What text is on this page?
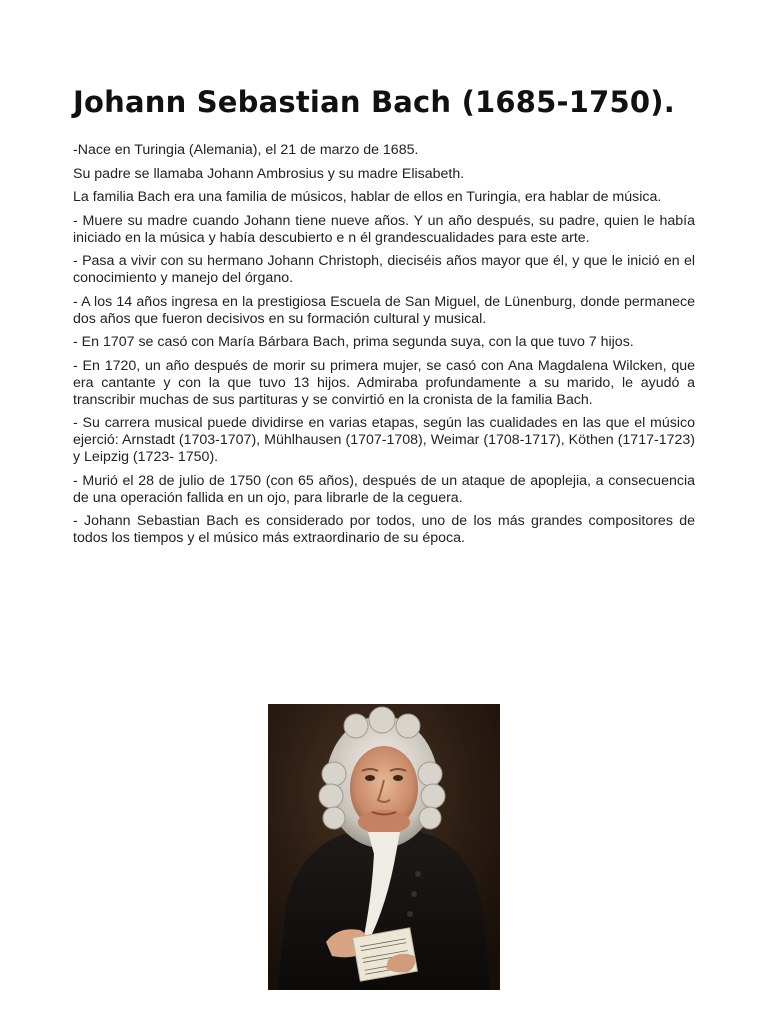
Johann Sebastian Bach (1685-1750).

-Nace en Turingia (Alemania), el 21 de marzo de 1685.

Su padre se llamaba Johann Ambrosius y su madre Elisabeth.

La familia Bach era una familia de músicos, hablar de ellos en Turingia, era hablar de música.

- Muere su madre cuando Johann tiene nueve años. Y un año después, su padre, quien le había iniciado en la música y había descubierto e n él grandescualidades para este arte.

- Pasa a vivir con su hermano Johann Christoph, dieciséis años mayor que él, y que le inició en el conocimiento y manejo del órgano.

- A los 14 años ingresa en la prestigiosa Escuela de San Miguel, de Lünenburg, donde permanece dos años que fueron decisivos en su formación cultural y musical.

- En 1707 se casó con María Bárbara Bach, prima segunda suya, con la que tuvo 7 hijos.

- En 1720, un año después de morir su primera mujer, se casó con Ana Magdalena Wilcken, que era cantante y con la que tuvo 13 hijos. Admiraba profundamente a su marido, le ayudó a transcribir muchas de sus partituras y se convirtió en la cronista de la familia Bach.

- Su carrera musical puede dividirse en varias etapas, según las cualidades en las que el músico ejerció: Arnstadt (1703-1707), Mühlhausen (1707-1708), Weimar (1708-1717), Köthen (1717-1723) y Leipzig (1723- 1750).

- Murió el 28 de julio de 1750 (con 65 años), después de un ataque de apoplejia, a consecuencia de una operación fallida en un ojo, para librarle de la ceguera.

- Johann Sebastian Bach es considerado por todos, uno de los más grandes compositores de todos los tiempos y el músico más extraordinario de su época.
